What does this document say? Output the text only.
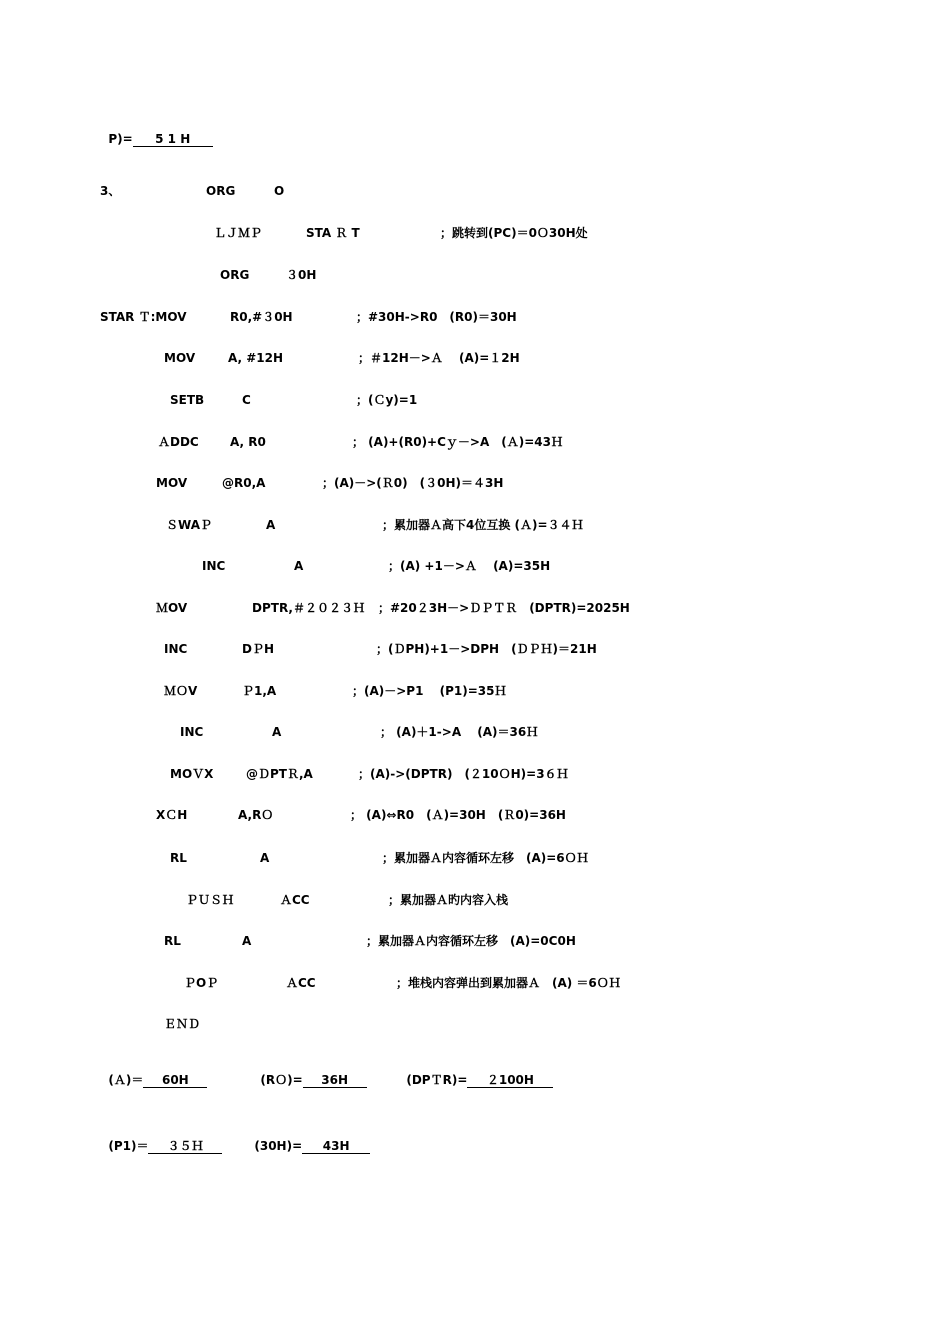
P)= 5 1 H

3、	ORG	O
ＬＪＭＰ	STA Ｒ T	；跳转到(PC)＝0Ｏ30H处
ORG	３0H
STAR Ｔ:MOV	R0,#３0H	；#30H->R0　(R0)＝30H
MOV	A, #12H	；＃12H－>Ａ　 (A)=１2H
SETB	C	；(Ｃy)=1
ＡDDC	A, R0	； (A)+(R0)+Cｙ－>A　(Ａ)=43Ｈ
MOV	@R0,A	；(A)－>(Ｒ0)　(３0H)＝４3H
ＳWAＰ	A	；累加器Ａ高下4位互换 (Ａ)=３４Ｈ
INC	A	；(A) +1－>Ａ　 (A)=35H
ＭOV	DPTR,＃２０２３Ｈ ；#20２3H－>ＤＰＴＲ　(DPTR)=2025H
INC	DＰH	；(ＤPH)+1－>DPH　(ＤＰＨ)＝21H
ＭＯV	Ｐ1,A	；(A)－>P1　 (P1)=35Ｈ
INC	A	； (A)＋1->A　 (A)＝36Ｈ
MOＶX	@ＤPTＲ,A	；(A)->(DPTR)　(２10ＯH)=3６Ｈ
XＣH	A,RＯ	； (A)⇔R0　(Ａ)=30H　(Ｒ0)=36H
RL	A	；累加器Ａ内容循环左移　(A)=6ＯＨ
ＰＵＳＨ	ＡCC	；累加器Ａ旳内容入栈
RL	A	；累加器Ａ内容循环左移　(A)=0C0H
ＰOＰ	ＡCC	；堆栈内容弹出到累加器Ａ　(A) ＝6ＯＨ
ＥＮＤ

(Ａ)＝ 60H	(RＯ)= 36H	(DPＴR)= ２100H

(P1)＝ ３５Ｈ	(30H)= 43H
